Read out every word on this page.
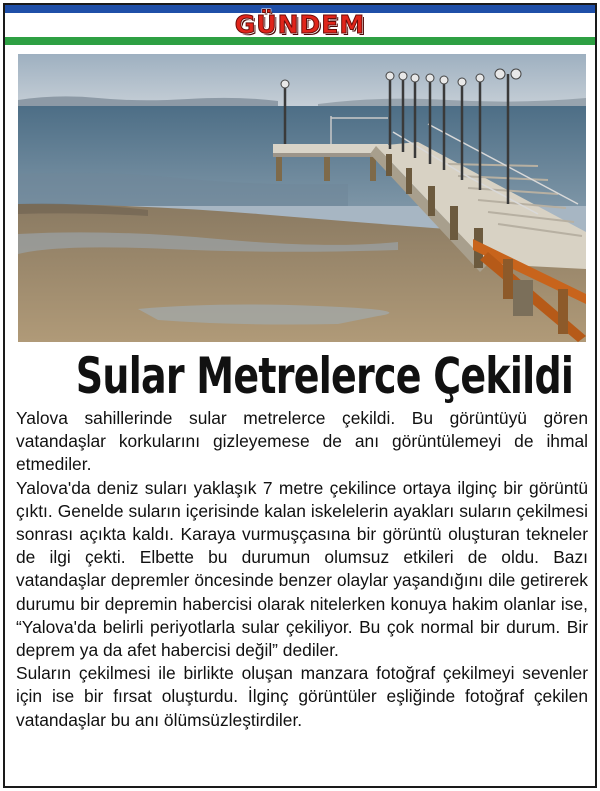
GÜNDEM
Sular Metrelerce Çekildi

Yalova sahillerinde sular metrelerce çekildi. Bu görüntüyü gören vatandaşlar korkularını gizleyemese de anı görüntülemeyi de ihmal etmediler.

Yalova'da deniz suları yaklaşık 7 metre çekilince ortaya ilginç bir görüntü çıktı. Genelde suların içerisinde kalan iskelelerin ayakları suların çekilmesi sonrası açıkta kaldı. Karaya vurmuşçasına bir görüntü oluşturan tekneler de ilgi çekti. Elbette bu durumun olumsuz etkileri de oldu. Bazı vatandaşlar depremler öncesinde benzer olaylar yaşandığını dile getirerek durumu bir depremin habercisi olarak nitelerken konuya hakim olanlar ise, “Yalova'da belirli periyotlarla sular çekiliyor. Bu çok normal bir durum. Bir deprem ya da afet habercisi değil” dediler.

Suların çekilmesi ile birlikte oluşan manzara fotoğraf çekilmeyi sevenler için ise bir fırsat oluşturdu. İlginç görüntüler eşliğinde fotoğraf çekilen vatandaşlar bu anı ölümsüzleştirdiler.
